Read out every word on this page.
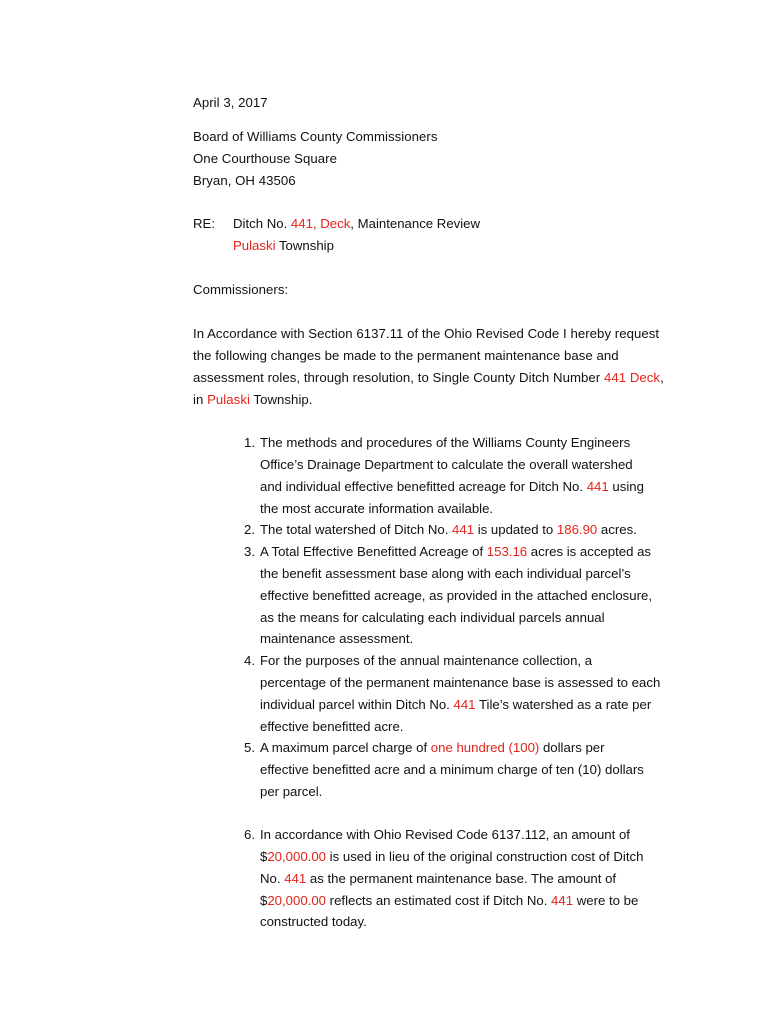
April 3, 2017
Board of Williams County Commissioners
One Courthouse Square
Bryan, OH 43506
RE: Ditch No. 441, Deck, Maintenance Review
Pulaski Township
Commissioners:
In Accordance with Section 6137.11 of the Ohio Revised Code I hereby request
the following changes be made to the permanent maintenance base and
assessment roles, through resolution, to Single County Ditch Number 441 Deck,
in Pulaski Township.
1. The methods and procedures of the Williams County Engineers
Office’s Drainage Department to calculate the overall watershed
and individual effective benefitted acreage for Ditch No. 441 using
the most accurate information available.
2. The total watershed of Ditch No. 441 is updated to 186.90 acres.
3. A Total Effective Benefitted Acreage of 153.16 acres is accepted as
the benefit assessment base along with each individual parcel’s
effective benefitted acreage, as provided in the attached enclosure,
as the means for calculating each individual parcels annual
maintenance assessment.
4. For the purposes of the annual maintenance collection, a
percentage of the permanent maintenance base is assessed to each
individual parcel within Ditch No. 441 Tile’s watershed as a rate per
effective benefitted acre.
5. A maximum parcel charge of one hundred (100) dollars per
effective benefitted acre and a minimum charge of ten (10) dollars
per parcel.
6. In accordance with Ohio Revised Code 6137.112, an amount of
$20,000.00 is used in lieu of the original construction cost of Ditch
No. 441 as the permanent maintenance base. The amount of
$20,000.00 reflects an estimated cost if Ditch No. 441 were to be
constructed today.
